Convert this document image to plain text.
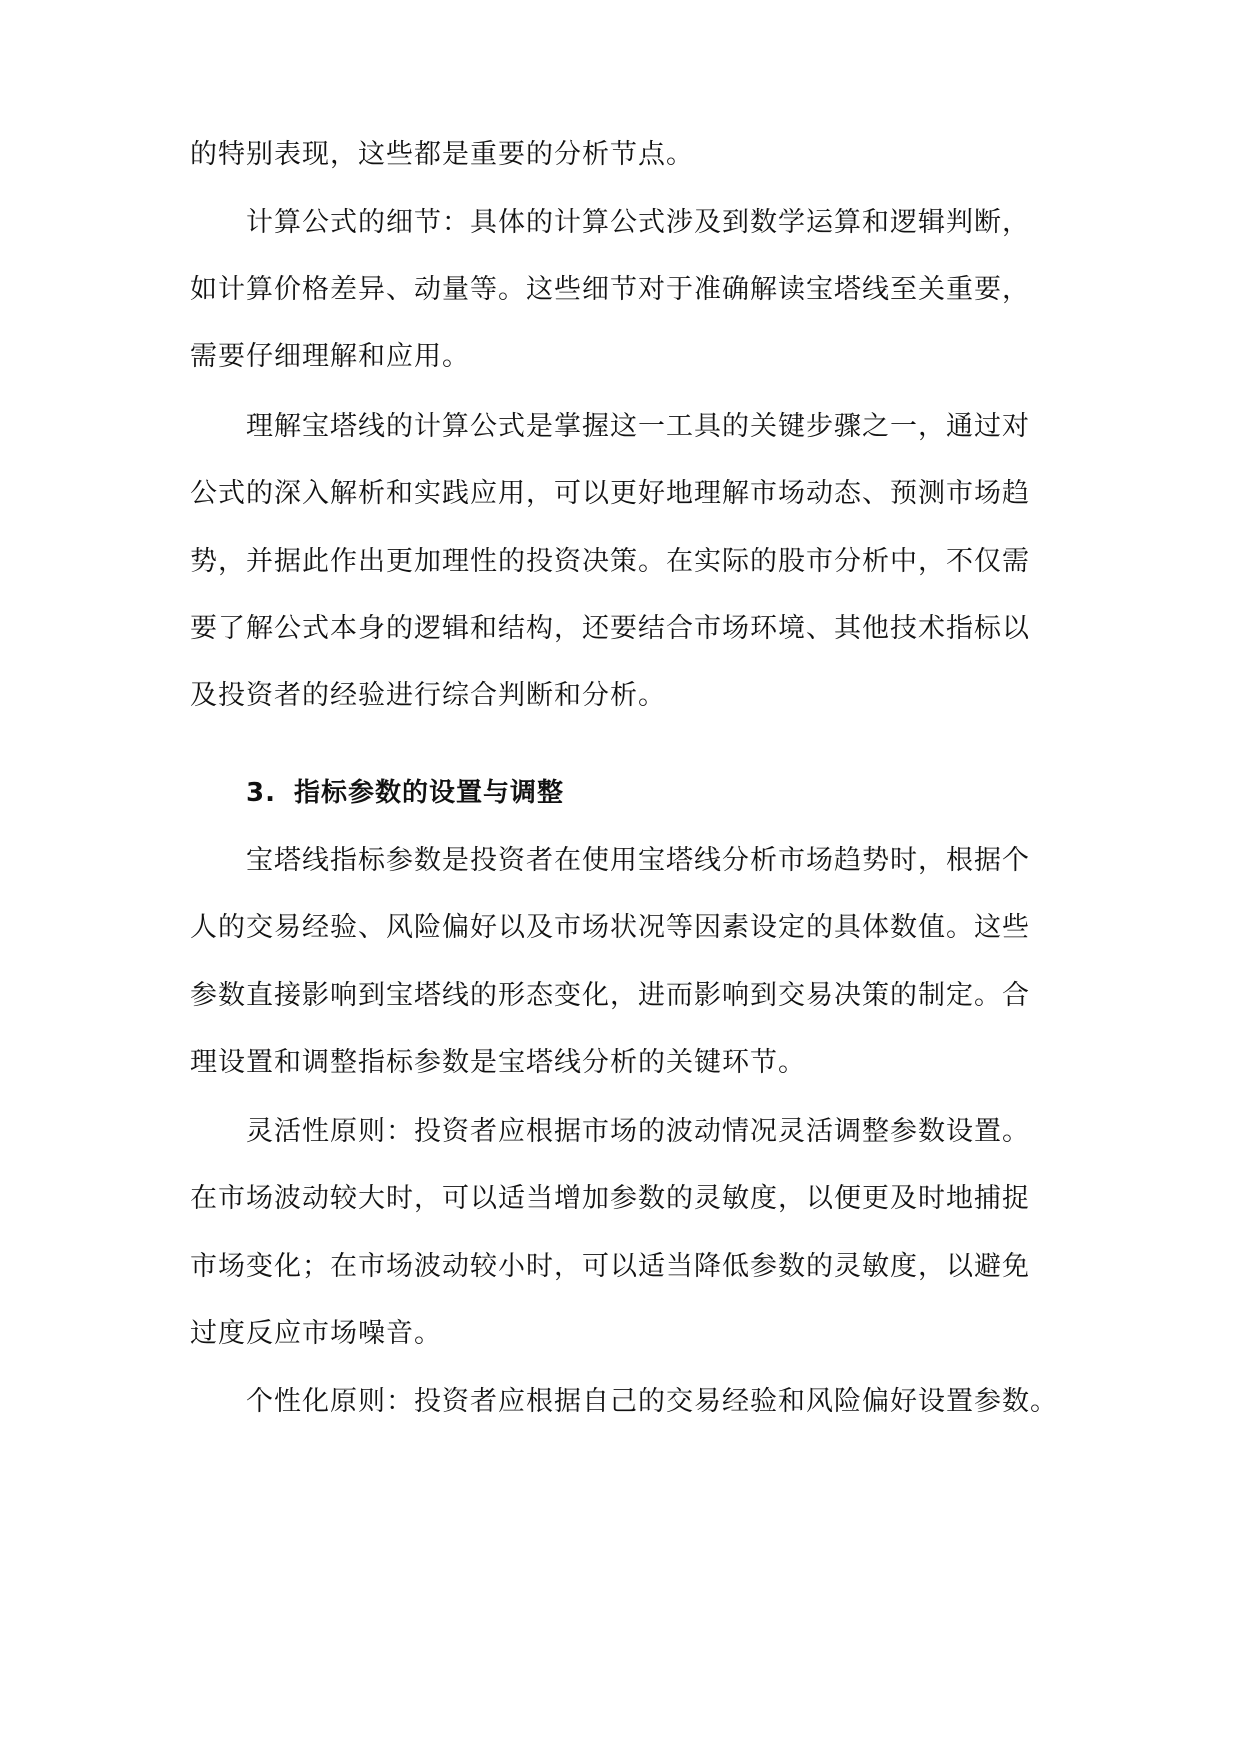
的特别表现，这些都是重要的分析节点。
计算公式的细节：具体的计算公式涉及到数学运算和逻辑判断，
如计算价格差异、动量等。这些细节对于准确解读宝塔线至关重要，
需要仔细理解和应用。
理解宝塔线的计算公式是掌握这一工具的关键步骤之一，通过对
公式的深入解析和实践应用，可以更好地理解市场动态、预测市场趋
势，并据此作出更加理性的投资决策。在实际的股市分析中，不仅需
要了解公式本身的逻辑和结构，还要结合市场环境、其他技术指标以
及投资者的经验进行综合判断和分析。
3. 指标参数的设置与调整
宝塔线指标参数是投资者在使用宝塔线分析市场趋势时，根据个
人的交易经验、风险偏好以及市场状况等因素设定的具体数值。这些
参数直接影响到宝塔线的形态变化，进而影响到交易决策的制定。合
理设置和调整指标参数是宝塔线分析的关键环节。
灵活性原则：投资者应根据市场的波动情况灵活调整参数设置。
在市场波动较大时，可以适当增加参数的灵敏度，以便更及时地捕捉
市场变化；在市场波动较小时，可以适当降低参数的灵敏度，以避免
过度反应市场噪音。
个性化原则：投资者应根据自己的交易经验和风险偏好设置参数。
